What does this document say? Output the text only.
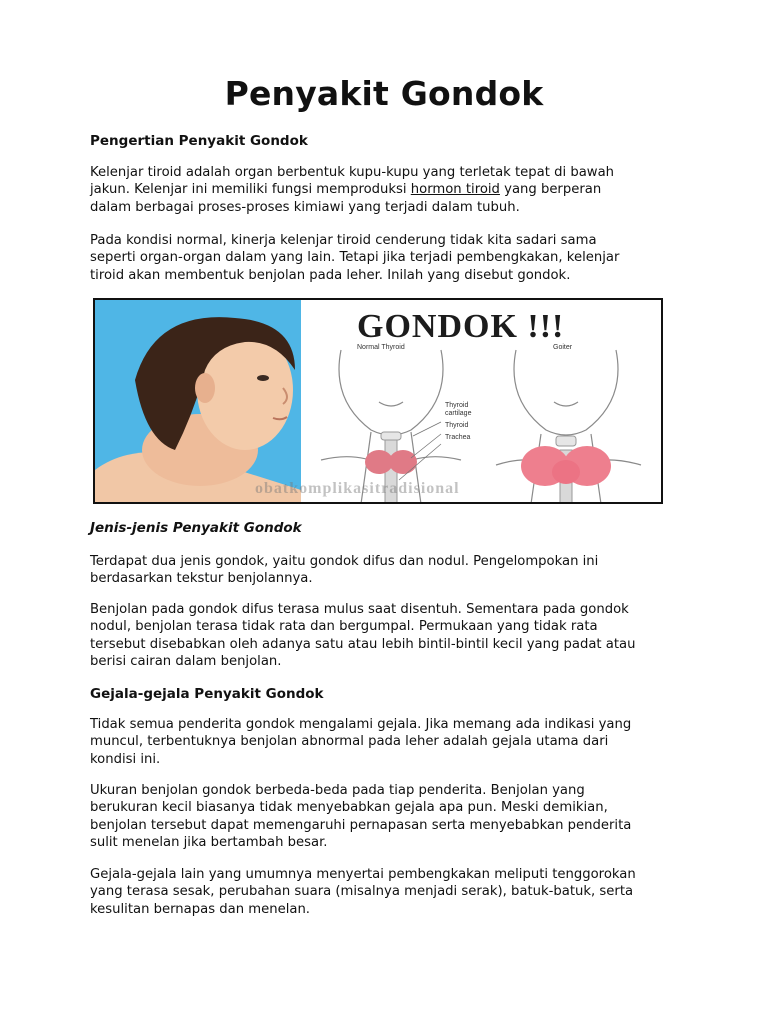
Penyakit Gondok
Pengertian Penyakit Gondok
Kelenjar tiroid adalah organ berbentuk kupu-kupu yang terletak tepat di bawah
jakun. Kelenjar ini memiliki fungsi memproduksi hormon tiroid yang berperan
dalam berbagai proses-proses kimiawi yang terjadi dalam tubuh.
Pada kondisi normal, kinerja kelenjar tiroid cenderung tidak kita sadari sama
seperti organ-organ dalam yang lain. Tetapi jika terjadi pembengkakan, kelenjar
tiroid akan membentuk benjolan pada leher. Inilah yang disebut gondok.
GONDOK !!!
Normal Thyroid	Goiter
Thyroid
cartilage
Thyroid
Trachea
obatkomplikasitradisional
Jenis-jenis Penyakit Gondok
Terdapat dua jenis gondok, yaitu gondok difus dan nodul. Pengelompokan ini
berdasarkan tekstur benjolannya.
Benjolan pada gondok difus terasa mulus saat disentuh. Sementara pada gondok
nodul, benjolan terasa tidak rata dan bergumpal. Permukaan yang tidak rata
tersebut disebabkan oleh adanya satu atau lebih bintil-bintil kecil yang padat atau
berisi cairan dalam benjolan.
Gejala-gejala Penyakit Gondok
Tidak semua penderita gondok mengalami gejala. Jika memang ada indikasi yang
muncul, terbentuknya benjolan abnormal pada leher adalah gejala utama dari
kondisi ini.
Ukuran benjolan gondok berbeda-beda pada tiap penderita. Benjolan yang
berukuran kecil biasanya tidak menyebabkan gejala apa pun. Meski demikian,
benjolan tersebut dapat memengaruhi pernapasan serta menyebabkan penderita
sulit menelan jika bertambah besar.
Gejala-gejala lain yang umumnya menyertai pembengkakan meliputi tenggorokan
yang terasa sesak, perubahan suara (misalnya menjadi serak), batuk-batuk, serta
kesulitan bernapas dan menelan.
